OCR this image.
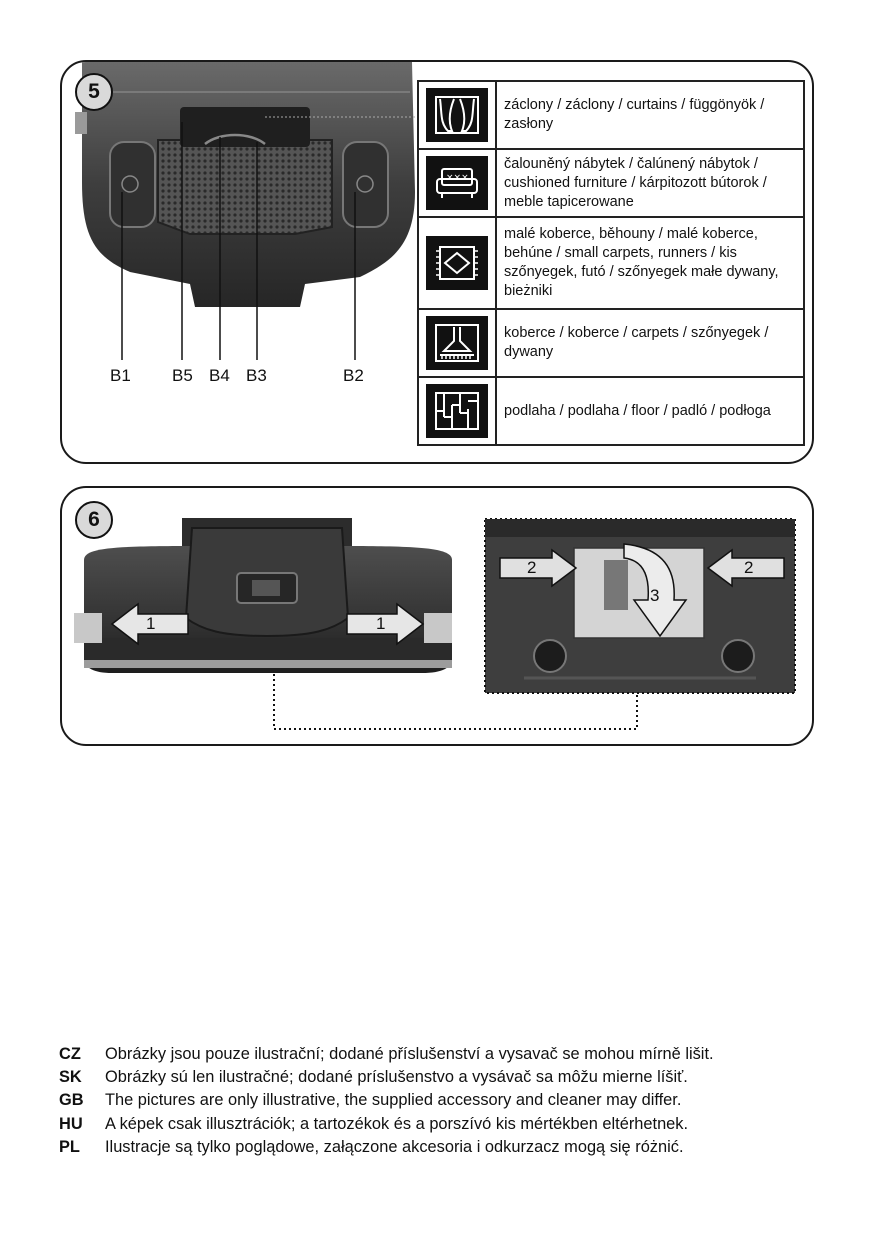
5
B1 B5 B4 B3	B2
	záclony / záclony / curtains / függönyök / zasłony

×××	čalouněný nábytek / čalúnený nábytok / cushioned furniture / kárpitozott bútorok / meble tapicerowane

	malé koberce, běhouny / malé koberce, behúne / small carpets, runners / kis szőnyegek, futó / szőnyegek małe dywany, bieżniki

	koberce / koberce / carpets / szőnyegek / dywany

	podlaha / podlaha / floor / padló / podłoga
6
1	1
2	2
3
CZ	Obrázky jsou pouze ilustrační; dodané příslušenství a vysavač se mohou mírně lišit.
SK	Obrázky sú len ilustračné; dodané príslušenstvo a vysávač sa môžu mierne líšiť.
GB	The pictures are only illustrative, the supplied accessory and cleaner may differ.
HU	A képek csak illusztrációk; a tartozékok és a porszívó kis mértékben eltérhetnek.
PL	Ilustracje są tylko poglądowe, załączone akcesoria i odkurzacz mogą się różnić.
